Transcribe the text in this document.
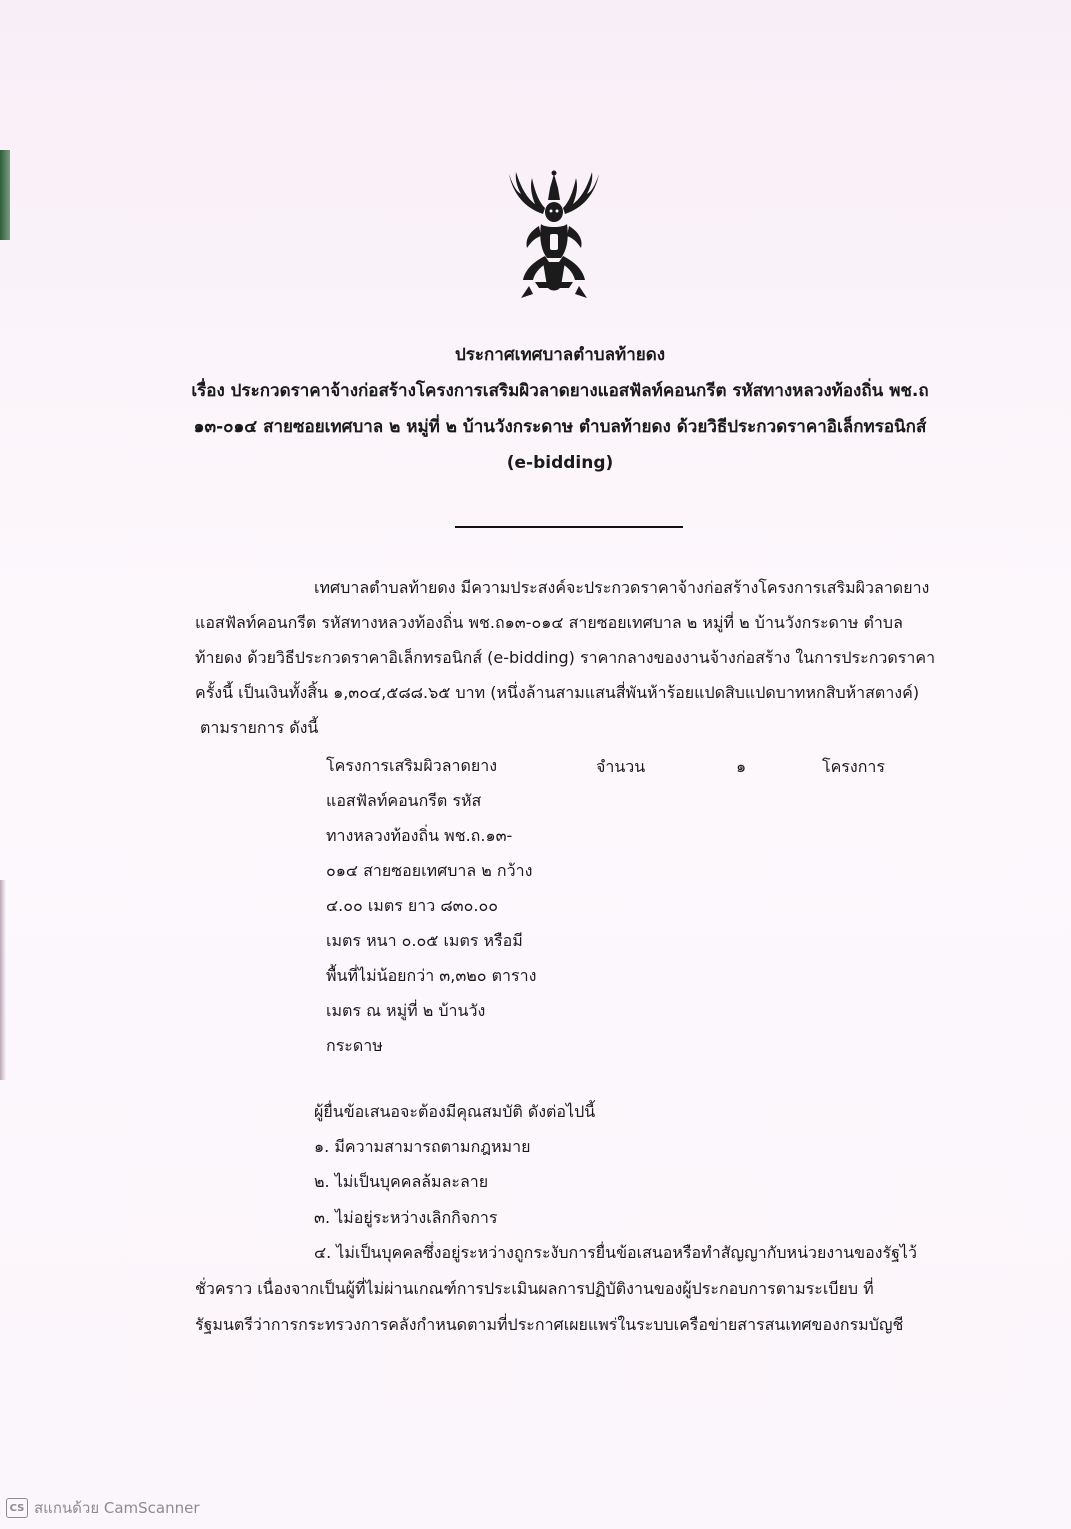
ประกาศเทศบาลตำบลท้ายดง
เรื่อง ประกวดราคาจ้างก่อสร้างโครงการเสริมผิวลาดยางแอสฟัลท์คอนกรีต รหัสทางหลวงท้องถิ่น พช.ถ
๑๓-๐๑๔ สายซอยเทศบาล ๒ หมู่ที่ ๒ บ้านวังกระดาษ ตำบลท้ายดง ด้วยวิธีประกวดราคาอิเล็กทรอนิกส์
(e-bidding)
เทศบาลตำบลท้ายดง มีความประสงค์จะประกวดราคาจ้างก่อสร้างโครงการเสริมผิวลาดยาง
แอสฟัลท์คอนกรีต รหัสทางหลวงท้องถิ่น พช.ถ๑๓-๐๑๔ สายซอยเทศบาล ๒ หมู่ที่ ๒ บ้านวังกระดาษ ตำบล
ท้ายดง ด้วยวิธีประกวดราคาอิเล็กทรอนิกส์ (e-bidding) ราคากลางของงานจ้างก่อสร้าง ในการประกวดราคา
ครั้งนี้ เป็นเงินทั้งสิ้น ๑,๓๐๔,๕๘๘.๖๕ บาท (หนึ่งล้านสามแสนสี่พันห้าร้อยแปดสิบแปดบาทหกสิบห้าสตางค์)
ตามรายการ ดังนี้
โครงการเสริมผิวลาดยาง
แอสฟัลท์คอนกรีต รหัส
ทางหลวงท้องถิ่น พช.ถ.๑๓-
๐๑๔ สายซอยเทศบาล ๒ กว้าง
๔.๐๐ เมตร ยาว ๘๓๐.๐๐
เมตร หนา ๐.๐๕ เมตร หรือมี
พื้นที่ไม่น้อยกว่า ๓,๓๒๐ ตาราง
เมตร ณ หมู่ที่ ๒ บ้านวัง
กระดาษ
จำนวน	๑	โครงการ
ผู้ยื่นข้อเสนอจะต้องมีคุณสมบัติ ดังต่อไปนี้
๑. มีความสามารถตามกฎหมาย
๒. ไม่เป็นบุคคลล้มละลาย
๓. ไม่อยู่ระหว่างเลิกกิจการ
๔. ไม่เป็นบุคคลซึ่งอยู่ระหว่างถูกระงับการยื่นข้อเสนอหรือทำสัญญากับหน่วยงานของรัฐไว้
ชั่วคราว เนื่องจากเป็นผู้ที่ไม่ผ่านเกณฑ์การประเมินผลการปฏิบัติงานของผู้ประกอบการตามระเบียบ ที่
รัฐมนตรีว่าการกระทรวงการคลังกำหนดตามที่ประกาศเผยแพร่ในระบบเครือข่ายสารสนเทศของกรมบัญชี
CS สแกนด้วย CamScanner
